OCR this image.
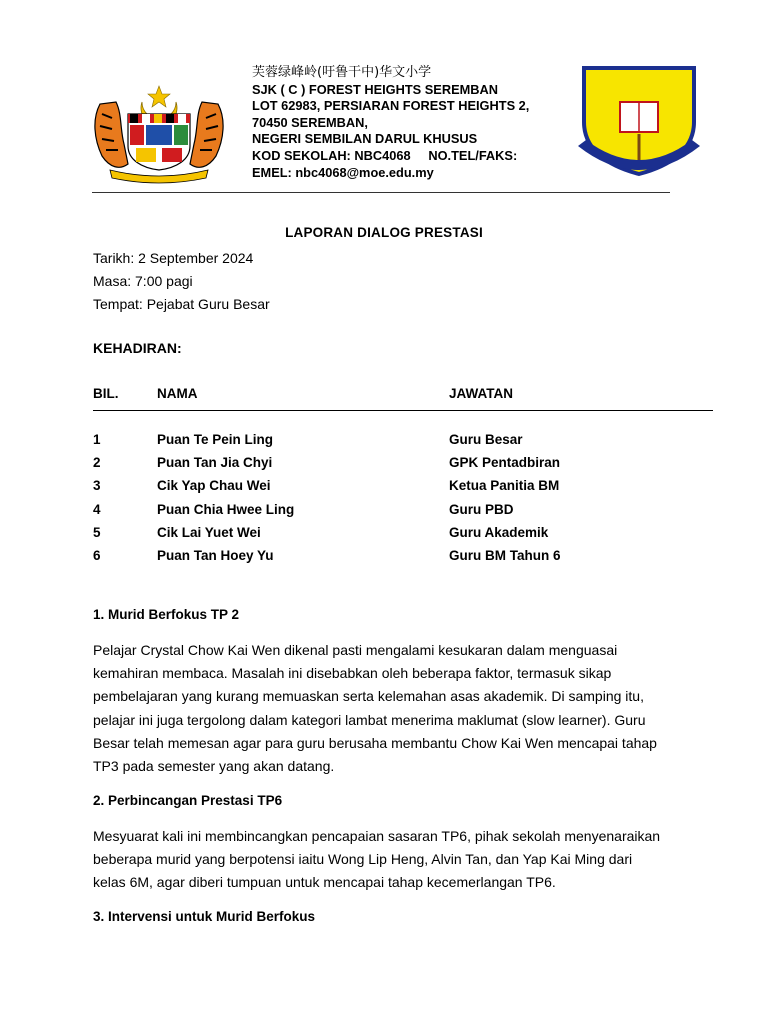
芙蓉绿峰岭(吁鲁干中)华文小学
SJK ( C ) FOREST HEIGHTS SEREMBAN
LOT 62983, PERSIARAN FOREST HEIGHTS 2,
70450 SEREMBAN,
NEGERI SEMBILAN DARUL KHUSUS
KOD SEKOLAH: NBC4068     NO.TEL/FAKS:
EMEL: nbc4068@moe.edu.my
LAPORAN DIALOG PRESTASI
Tarikh: 2 September 2024
Masa: 7:00 pagi
Tempat: Pejabat Guru Besar
KEHADIRAN:
BIL.	NAMA	JAWATAN
1	Puan Te Pein Ling	Guru Besar
2	Puan Tan Jia Chyi	GPK Pentadbiran
3	Cik Yap Chau Wei	Ketua Panitia BM
4	Puan Chia Hwee Ling	Guru PBD
5	Cik Lai Yuet Wei	Guru Akademik
6	Puan Tan Hoey Yu	Guru BM Tahun 6
1. Murid Berfokus TP 2
Pelajar Crystal Chow Kai Wen dikenal pasti mengalami kesukaran dalam menguasai
kemahiran membaca. Masalah ini disebabkan oleh beberapa faktor, termasuk sikap
pembelajaran yang kurang memuaskan serta kelemahan asas akademik. Di samping itu,
pelajar ini juga tergolong dalam kategori lambat menerima maklumat (slow learner). Guru
Besar telah memesan agar para guru berusaha membantu Chow Kai Wen mencapai tahap
TP3 pada semester yang akan datang.
2. Perbincangan Prestasi TP6
Mesyuarat kali ini membincangkan pencapaian sasaran TP6, pihak sekolah menyenaraikan
beberapa murid yang berpotensi iaitu Wong Lip Heng, Alvin Tan, dan Yap Kai Ming dari
kelas 6M, agar diberi tumpuan untuk mencapai tahap kecemerlangan TP6.
3. Intervensi untuk Murid Berfokus
